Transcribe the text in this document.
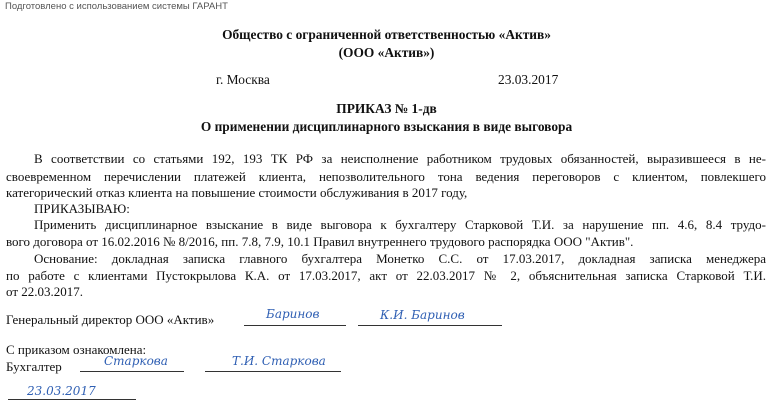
Подготовлено с использованием системы ГАРАНТ
Общество с ограниченной ответственностью «Актив»
(ООО «Актив»)
г. Москва	23.03.2017
ПРИКАЗ № 1-дв
О применении дисциплинарного взыскания в виде выговора
В соответствии со статьями 192, 193 ТК РФ за неисполнение работником трудовых обязанностей, выразившееся в не-
своевременном перечислении платежей клиента, непозволительного тона ведения переговоров с клиентом, повлекшего
категорический отказ клиента на повышение стоимости обслуживания в 2017 году,
ПРИКАЗЫВАЮ:
Применить дисциплинарное взыскание в виде выговора к бухгалтеру Старковой Т.И. за нарушение пп. 4.6, 8.4 трудо-
вого договора от 16.02.2016 № 8/2016, пп. 7.8, 7.9, 10.1 Правил внутреннего трудового распорядка ООО "Актив".
Основание: докладная записка главного бухгалтера Монетко С.С. от 17.03.2017, докладная записка менеджера
по работе с клиентами Пустокрылова К.А. от 17.03.2017, акт от 22.03.2017 № 2, объяснительная записка Старковой Т.И.
от 22.03.2017.
Генеральный директор ООО «Актив»	Баринов	К.И. Баринов
С приказом ознакомлена:
Бухгалтер	Старкова	Т.И. Старкова
23.03.2017
